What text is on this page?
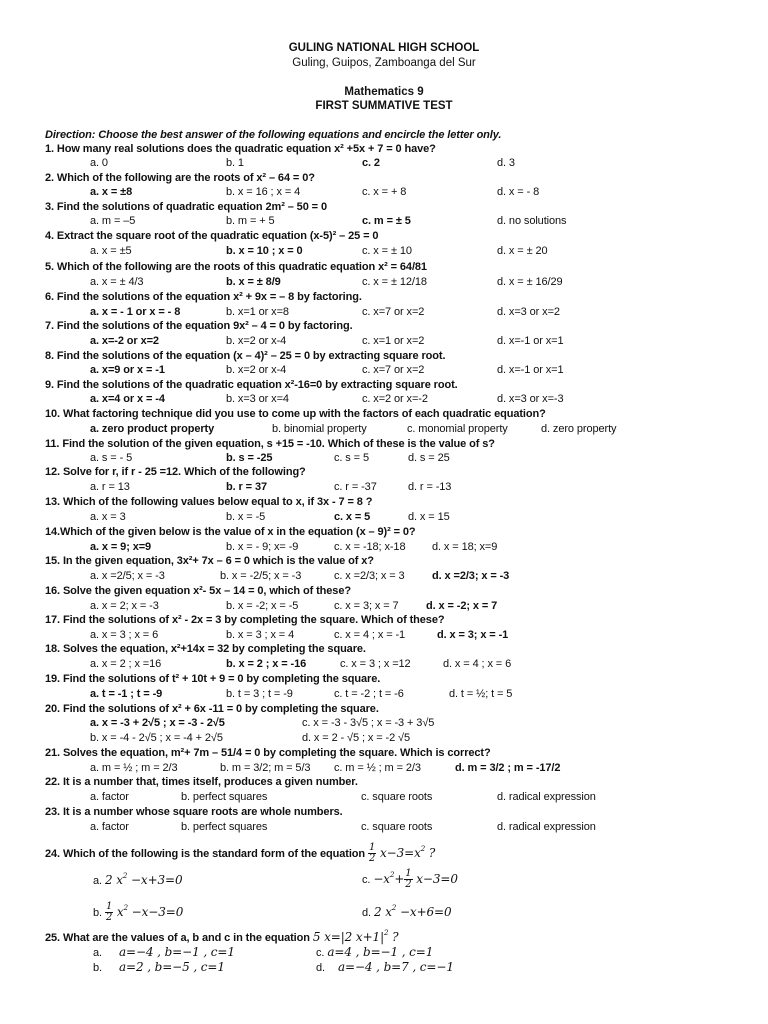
GULING NATIONAL HIGH SCHOOL
Guling, Guipos, Zamboanga del Sur
Mathematics 9
FIRST SUMMATIVE TEST
Direction: Choose the best answer of the following equations and encircle the letter only.
1. How many real solutions does the quadratic equation x² +5x + 7 = 0 have?
a. 0	b. 1	c. 2	d. 3
2. Which of the following are the roots of x² – 64 = 0?
a. x = ±8	b. x = 16 ; x = 4	c. x = + 8	d. x = - 8
3. Find the solutions of quadratic equation 2m² – 50 = 0
a. m = –5	b. m = + 5	c. m = ± 5	d. no solutions
4. Extract the square root of the quadratic equation (x-5)² – 25 = 0
a. x = ±5	b. x = 10 ; x = 0	c. x = ± 10	d. x = ± 20
5. Which of the following are the roots of this quadratic equation x² = 64/81
a. x = ± 4/3	b. x = ± 8/9	c. x = ± 12/18	d. x = ± 16/29
6. Find the solutions of the equation x² + 9x = – 8 by factoring.
a. x = - 1 or x = - 8	b. x=1 or x=8	c. x=7 or x=2	d. x=3 or x=2
7. Find the solutions of the equation 9x² – 4 = 0 by factoring.
a. x=-2 or x=2	b. x=2 or x-4	c. x=1 or x=2	d. x=-1 or x=1
8. Find the solutions of the equation (x – 4)² – 25 = 0 by extracting square root.
a. x=9 or x = -1	b. x=2 or x-4	c. x=7 or x=2	d. x=-1 or x=1
9. Find the solutions of the quadratic equation x²-16=0 by extracting square root.
a. x=4 or x = -4	b. x=3 or x=4	c. x=2 or x=-2	d. x=3 or x=-3
10. What factoring technique did you use to come up with the factors of each quadratic equation?
a. zero product property	b. binomial property	c. monomial property	d. zero property
11. Find the solution of the given equation, s +15 = -10. Which of these is the value of s?
a. s = - 5	b. s = -25	c. s = 5	d. s = 25
12. Solve for r, if r - 25 =12. Which of the following?
a. r = 13	b. r = 37	c. r = -37	d. r = -13
13. Which of the following values below equal to x, if 3x - 7 = 8 ?
a. x = 3	b. x = -5	c. x = 5	d. x = 15
14.Which of the given below is the value of x in the equation (x – 9)² = 0?
a. x = 9; x=9	b. x = - 9; x= -9	c. x = -18; x-18 d. x = 18; x=9
15. In the given equation, 3x²+ 7x – 6 = 0 which is the value of x?
a. x =2/5; x = -3	b. x = -2/5; x = -3	c. x =2/3; x = 3 d. x =2/3; x = -3
16. Solve the given equation x²- 5x – 14 = 0, which of these?
a. x = 2; x = -3	b. x = -2; x = -5	c. x = 3; x = 7 d. x = -2; x = 7
17. Find the solutions of x² - 2x = 3 by completing the square. Which of these?
a. x = 3 ; x = 6	b. x = 3 ; x = 4	c. x = 4 ; x = -1	d. x = 3; x = -1
18. Solves the equation, x²+14x = 32 by completing the square.
a. x = 2 ; x =16	b. x = 2 ; x = -16	c. x = 3 ; x =12	d. x = 4 ; x = 6
19. Find the solutions of t² + 10t + 9 = 0 by completing the square.
a. t = -1 ; t = -9	b. t = 3 ; t = -9	c. t = -2 ; t = -6	d. t = ½; t = 5
20. Find the solutions of x² + 6x -11 = 0 by completing the square.
a. x = -3 + 2√5 ; x = -3 - 2√5	c. x = -3 - 3√5 ; x = -3 + 3√5
b. x = -4 - 2√5 ; x = -4 + 2√5	d. x = 2 - √5 ; x = -2 √5
21. Solves the equation, m²+ 7m – 51/4 = 0 by completing the square. Which is correct?
a. m = ½ ; m = 2/3	b. m = 3/2; m = 5/3 c. m = ½ ; m = 2/3	d. m = 3/2 ; m = -17/2
22. It is a number that, times itself, produces a given number.
a. factor	b. perfect squares	c. square roots	d. radical expression
23. It is a number whose square roots are whole numbers.
a. factor	b. perfect squares	c. square roots	d. radical expression
24. Which of the following is the standard form of the equation $\frac{1}{2} x-3=x^2$ ?
a. 2 $x^2 -x+3=0$	c. $-x^2+ \frac{1}{2} x-3=0$
b. $\frac{1}{2} x^2 -x-3=0$	d. 2 $x^2 -x+6=0$
25. What are the values of a, b and c in the equation 5 x=|2 $x+1|^2$ ?
a. a=−4 , b=−1 , c=1	c. a=4 , b=−1 , c=1
b. a=2 , b=−5 , c=1	d. a=−4 , b=7 , c=−1
